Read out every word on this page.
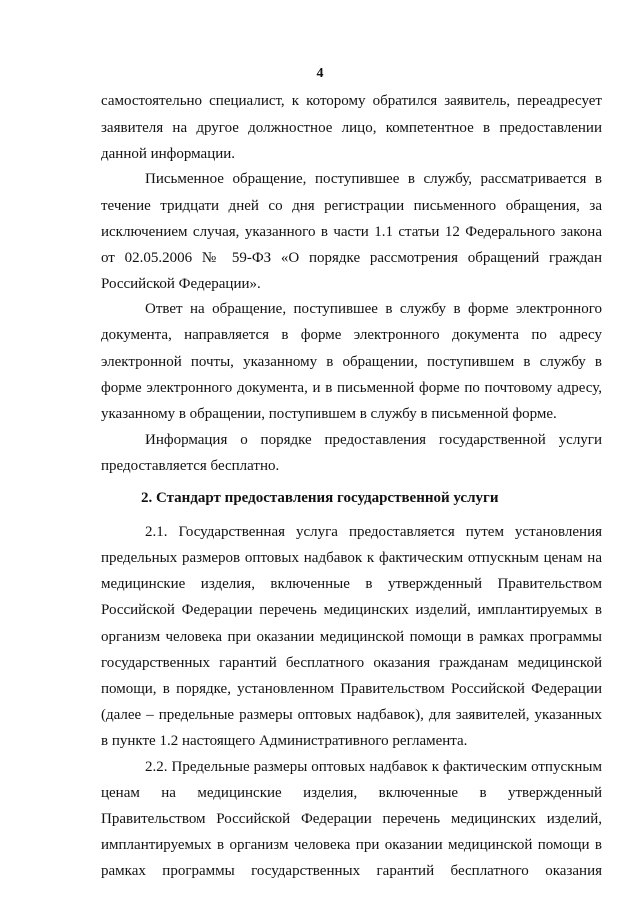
4
самостоятельно специалист, к которому обратился заявитель, переадресует
заявителя на другое должностное лицо, компетентное в предоставлении
данной информации.
Письменное обращение, поступившее в службу, рассматривается в
течение тридцати дней со дня регистрации письменного обращения, за
исключением случая, указанного в части 1.1 статьи 12 Федерального закона
от 02.05.2006 № 59-ФЗ «О порядке рассмотрения обращений граждан
Российской Федерации».
Ответ на обращение, поступившее в службу в форме электронного
документа, направляется в форме электронного документа по адресу
электронной почты, указанному в обращении, поступившем в службу в
форме электронного документа, и в письменной форме по почтовому адресу,
указанному в обращении, поступившем в службу в письменной форме.
Информация о порядке предоставления государственной услуги
предоставляется бесплатно.
2. Стандарт предоставления государственной услуги
2.1. Государственная услуга предоставляется путем установления
предельных размеров оптовых надбавок к фактическим отпускным ценам на
медицинские изделия, включенные в утвержденный Правительством
Российской Федерации перечень медицинских изделий, имплантируемых в
организм человека при оказании медицинской помощи в рамках программы
государственных гарантий бесплатного оказания гражданам медицинской
помощи, в порядке, установленном Правительством Российской Федерации
(далее – предельные размеры оптовых надбавок), для заявителей, указанных
в пункте 1.2 настоящего Административного регламента.
2.2. Предельные размеры оптовых надбавок к фактическим отпускным
ценам на медицинские изделия, включенные в утвержденный
Правительством Российской Федерации перечень медицинских изделий,
имплантируемых в организм человека при оказании медицинской помощи в
рамках программы государственных гарантий бесплатного оказания
